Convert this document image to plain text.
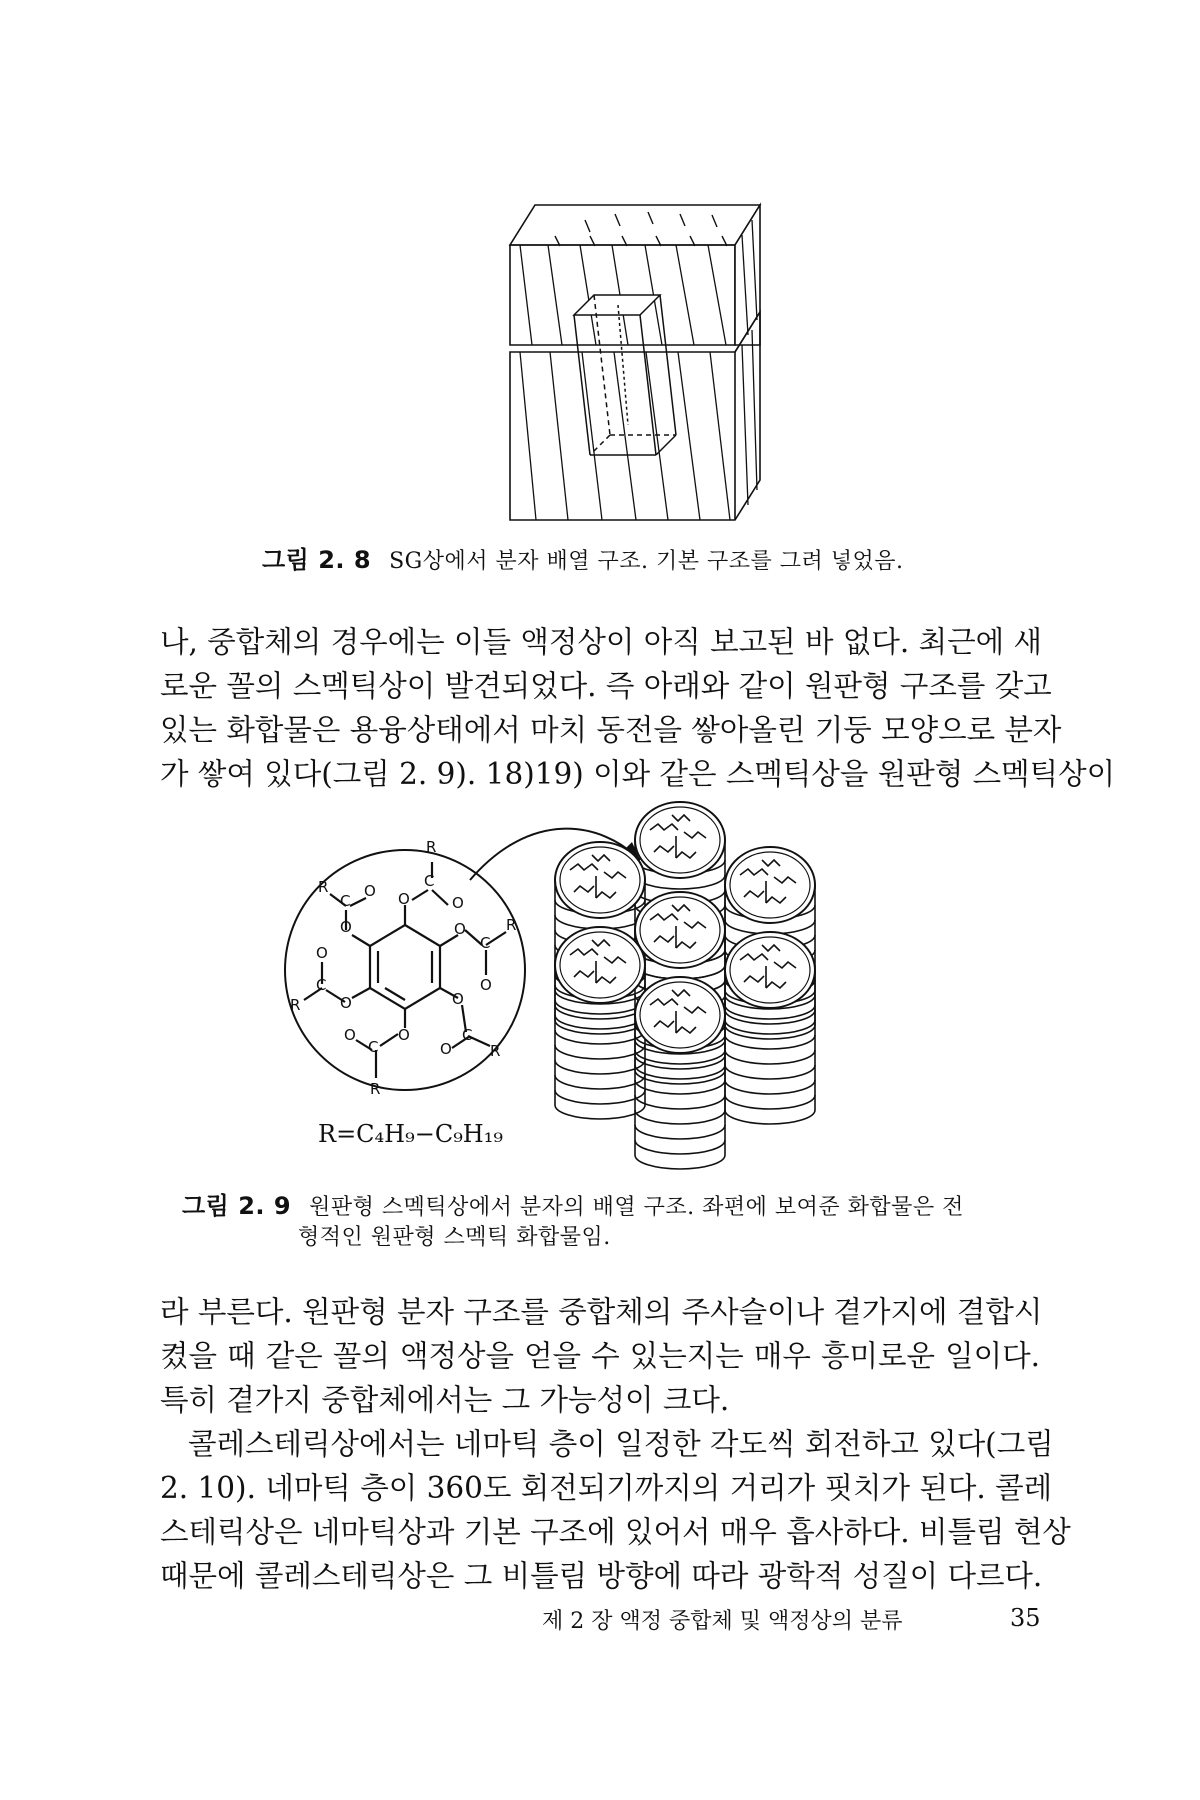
그림 2. 8 SG상에서 분자 배열 구조. 기본 구조를 그려 넣었음.

나, 중합체의 경우에는 이들 액정상이 아직 보고된 바 없다. 최근에 새

로운 꼴의 스멕틱상이 발견되었다. 즉 아래와 같이 원판형 구조를 갖고

있는 화합물은 용융상태에서 마치 동전을 쌓아올린 기둥 모양으로 분자

가 쌓여 있다(그림 2. 9). 18)19) 이와 같은 스멕틱상을 원판형 스멕틱상이

R
C
O	O
O
C
R
O
O
C
R
O
O
C
O
R
O
C
R
O
O
C
R O
R=C₄H₉−C₉H₁₉
그림 2. 9 원판형 스멕틱상에서 분자의 배열 구조. 좌편에 보여준 화합물은 전
형적인 원판형 스멕틱 화합물임.

라 부른다. 원판형 분자 구조를 중합체의 주사슬이나 곁가지에 결합시

켰을 때 같은 꼴의 액정상을 얻을 수 있는지는 매우 흥미로운 일이다.

특히 곁가지 중합체에서는 그 가능성이 크다.

콜레스테릭상에서는 네마틱 층이 일정한 각도씩 회전하고 있다(그림

2. 10). 네마틱 층이 360도 회전되기까지의 거리가 핏치가 된다. 콜레

스테릭상은 네마틱상과 기본 구조에 있어서 매우 흡사하다. 비틀림 현상

때문에 콜레스테릭상은 그 비틀림 방향에 따라 광학적 성질이 다르다.

제 2 장 액정 중합체 및 액정상의 분류	35
